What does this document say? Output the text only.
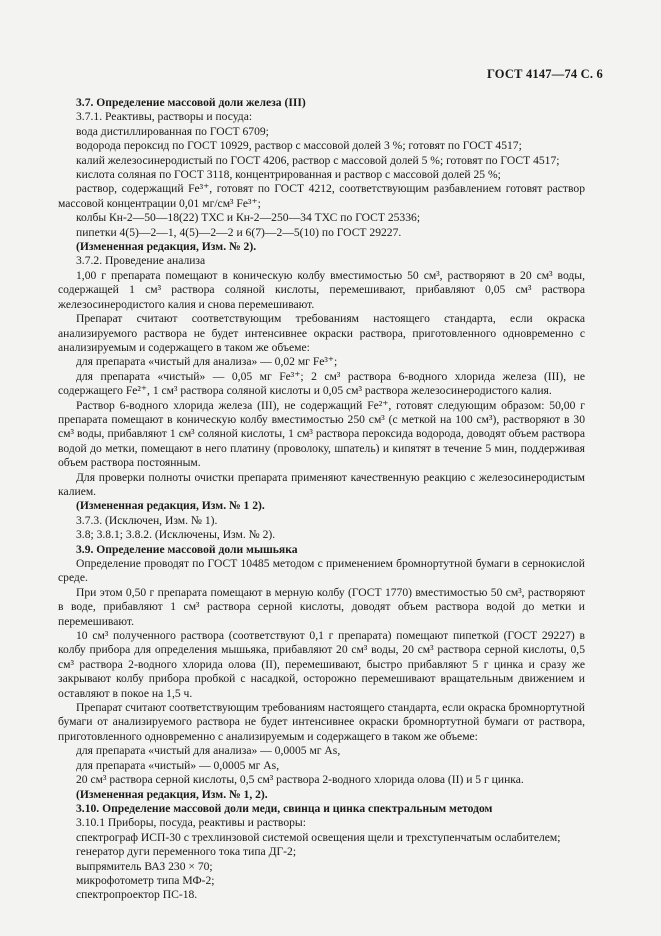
ГОСТ 4147—74 С. 6

3.7. Определение массовой доли железа (III)

3.7.1. Реактивы, растворы и посуда:

вода дистиллированная по ГОСТ 6709;

водорода пероксид по ГОСТ 10929, раствор с массовой долей 3 %; готовят по ГОСТ 4517;

калий железосинеродистый по ГОСТ 4206, раствор с массовой долей 5 %; готовят по ГОСТ 4517;

кислота соляная по ГОСТ 3118, концентрированная и раствор с массовой долей 25 %;

раствор, содержащий Fe³⁺, готовят по ГОСТ 4212, соответствующим разбавлением готовят раствор массовой концентрации 0,01 мг/см³ Fe³⁺;

колбы Кн-2—50—18(22) ТХС и Кн-2—250—34 ТХС по ГОСТ 25336;

пипетки 4(5)—2—1, 4(5)—2—2 и 6(7)—2—5(10) по ГОСТ 29227.

(Измененная редакция, Изм. № 2).

3.7.2. Проведение анализа

1,00 г препарата помещают в коническую колбу вместимостью 50 см³, растворяют в 20 см³ воды, содержащей 1 см³ раствора соляной кислоты, перемешивают, прибавляют 0,05 см³ раствора железосинеродистого калия и снова перемешивают.

Препарат считают соответствующим требованиям настоящего стандарта, если окраска анализируемого раствора не будет интенсивнее окраски раствора, приготовленного одновременно с анализируемым и содержащего в таком же объеме:

для препарата «чистый для анализа» — 0,02 мг Fe³⁺;

для препарата «чистый» — 0,05 мг Fe³⁺; 2 см³ раствора 6-водного хлорида железа (III), не содержащего Fe²⁺, 1 см³ раствора соляной кислоты и 0,05 см³ раствора железосинеродистого калия.

Раствор 6-водного хлорида железа (III), не содержащий Fe²⁺, готовят следующим образом: 50,00 г препарата помещают в коническую колбу вместимостью 250 см³ (с меткой на 100 см³), растворяют в 30 см³ воды, прибавляют 1 см³ соляной кислоты, 1 см³ раствора пероксида водорода, доводят объем раствора водой до метки, помещают в него платину (проволоку, шпатель) и кипятят в течение 5 мин, поддерживая объем раствора постоянным.

Для проверки полноты очистки препарата применяют качественную реакцию с железосинеродистым калием.

(Измененная редакция, Изм. № 1 2).

3.7.3. (Исключен, Изм. № 1).

3.8; 3.8.1; 3.8.2. (Исключены, Изм. № 2).

3.9. Определение массовой доли мышьяка

Определение проводят по ГОСТ 10485 методом с применением бромнортутной бумаги в сернокислой среде.

При этом 0,50 г препарата помещают в мерную колбу (ГОСТ 1770) вместимостью 50 см³, растворяют в воде, прибавляют 1 см³ раствора серной кислоты, доводят объем раствора водой до метки и перемешивают.

10 см³ полученного раствора (соответствуют 0,1 г препарата) помещают пипеткой (ГОСТ 29227) в колбу прибора для определения мышьяка, прибавляют 20 см³ воды, 20 см³ раствора серной кислоты, 0,5 см³ раствора 2-водного хлорида олова (II), перемешивают, быстро прибавляют 5 г цинка и сразу же закрывают колбу прибора пробкой с насадкой, осторожно перемешивают вращательным движением и оставляют в покое на 1,5 ч.

Препарат считают соответствующим требованиям настоящего стандарта, если окраска бромнортутной бумаги от анализируемого раствора не будет интенсивнее окраски бромнортутной бумаги от раствора, приготовленного одновременно с анализируемым и содержащего в таком же объеме:

для препарата «чистый для анализа» — 0,0005 мг As,

для препарата «чистый» — 0,0005 мг As,

20 см³ раствора серной кислоты, 0,5 см³ раствора 2-водного хлорида олова (II) и 5 г цинка.

(Измененная редакция, Изм. № 1, 2).

3.10. Определение массовой доли меди, свинца и цинка спектральным методом

3.10.1 Приборы, посуда, реактивы и растворы:

спектрограф ИСП-30 с трехлинзовой системой освещения щели и трехступенчатым ослабителем;

генератор дуги переменного тока типа ДГ-2;

выпрямитель ВАЗ 230 × 70;

микрофотометр типа МФ-2;

спектропроектор ПС-18.
